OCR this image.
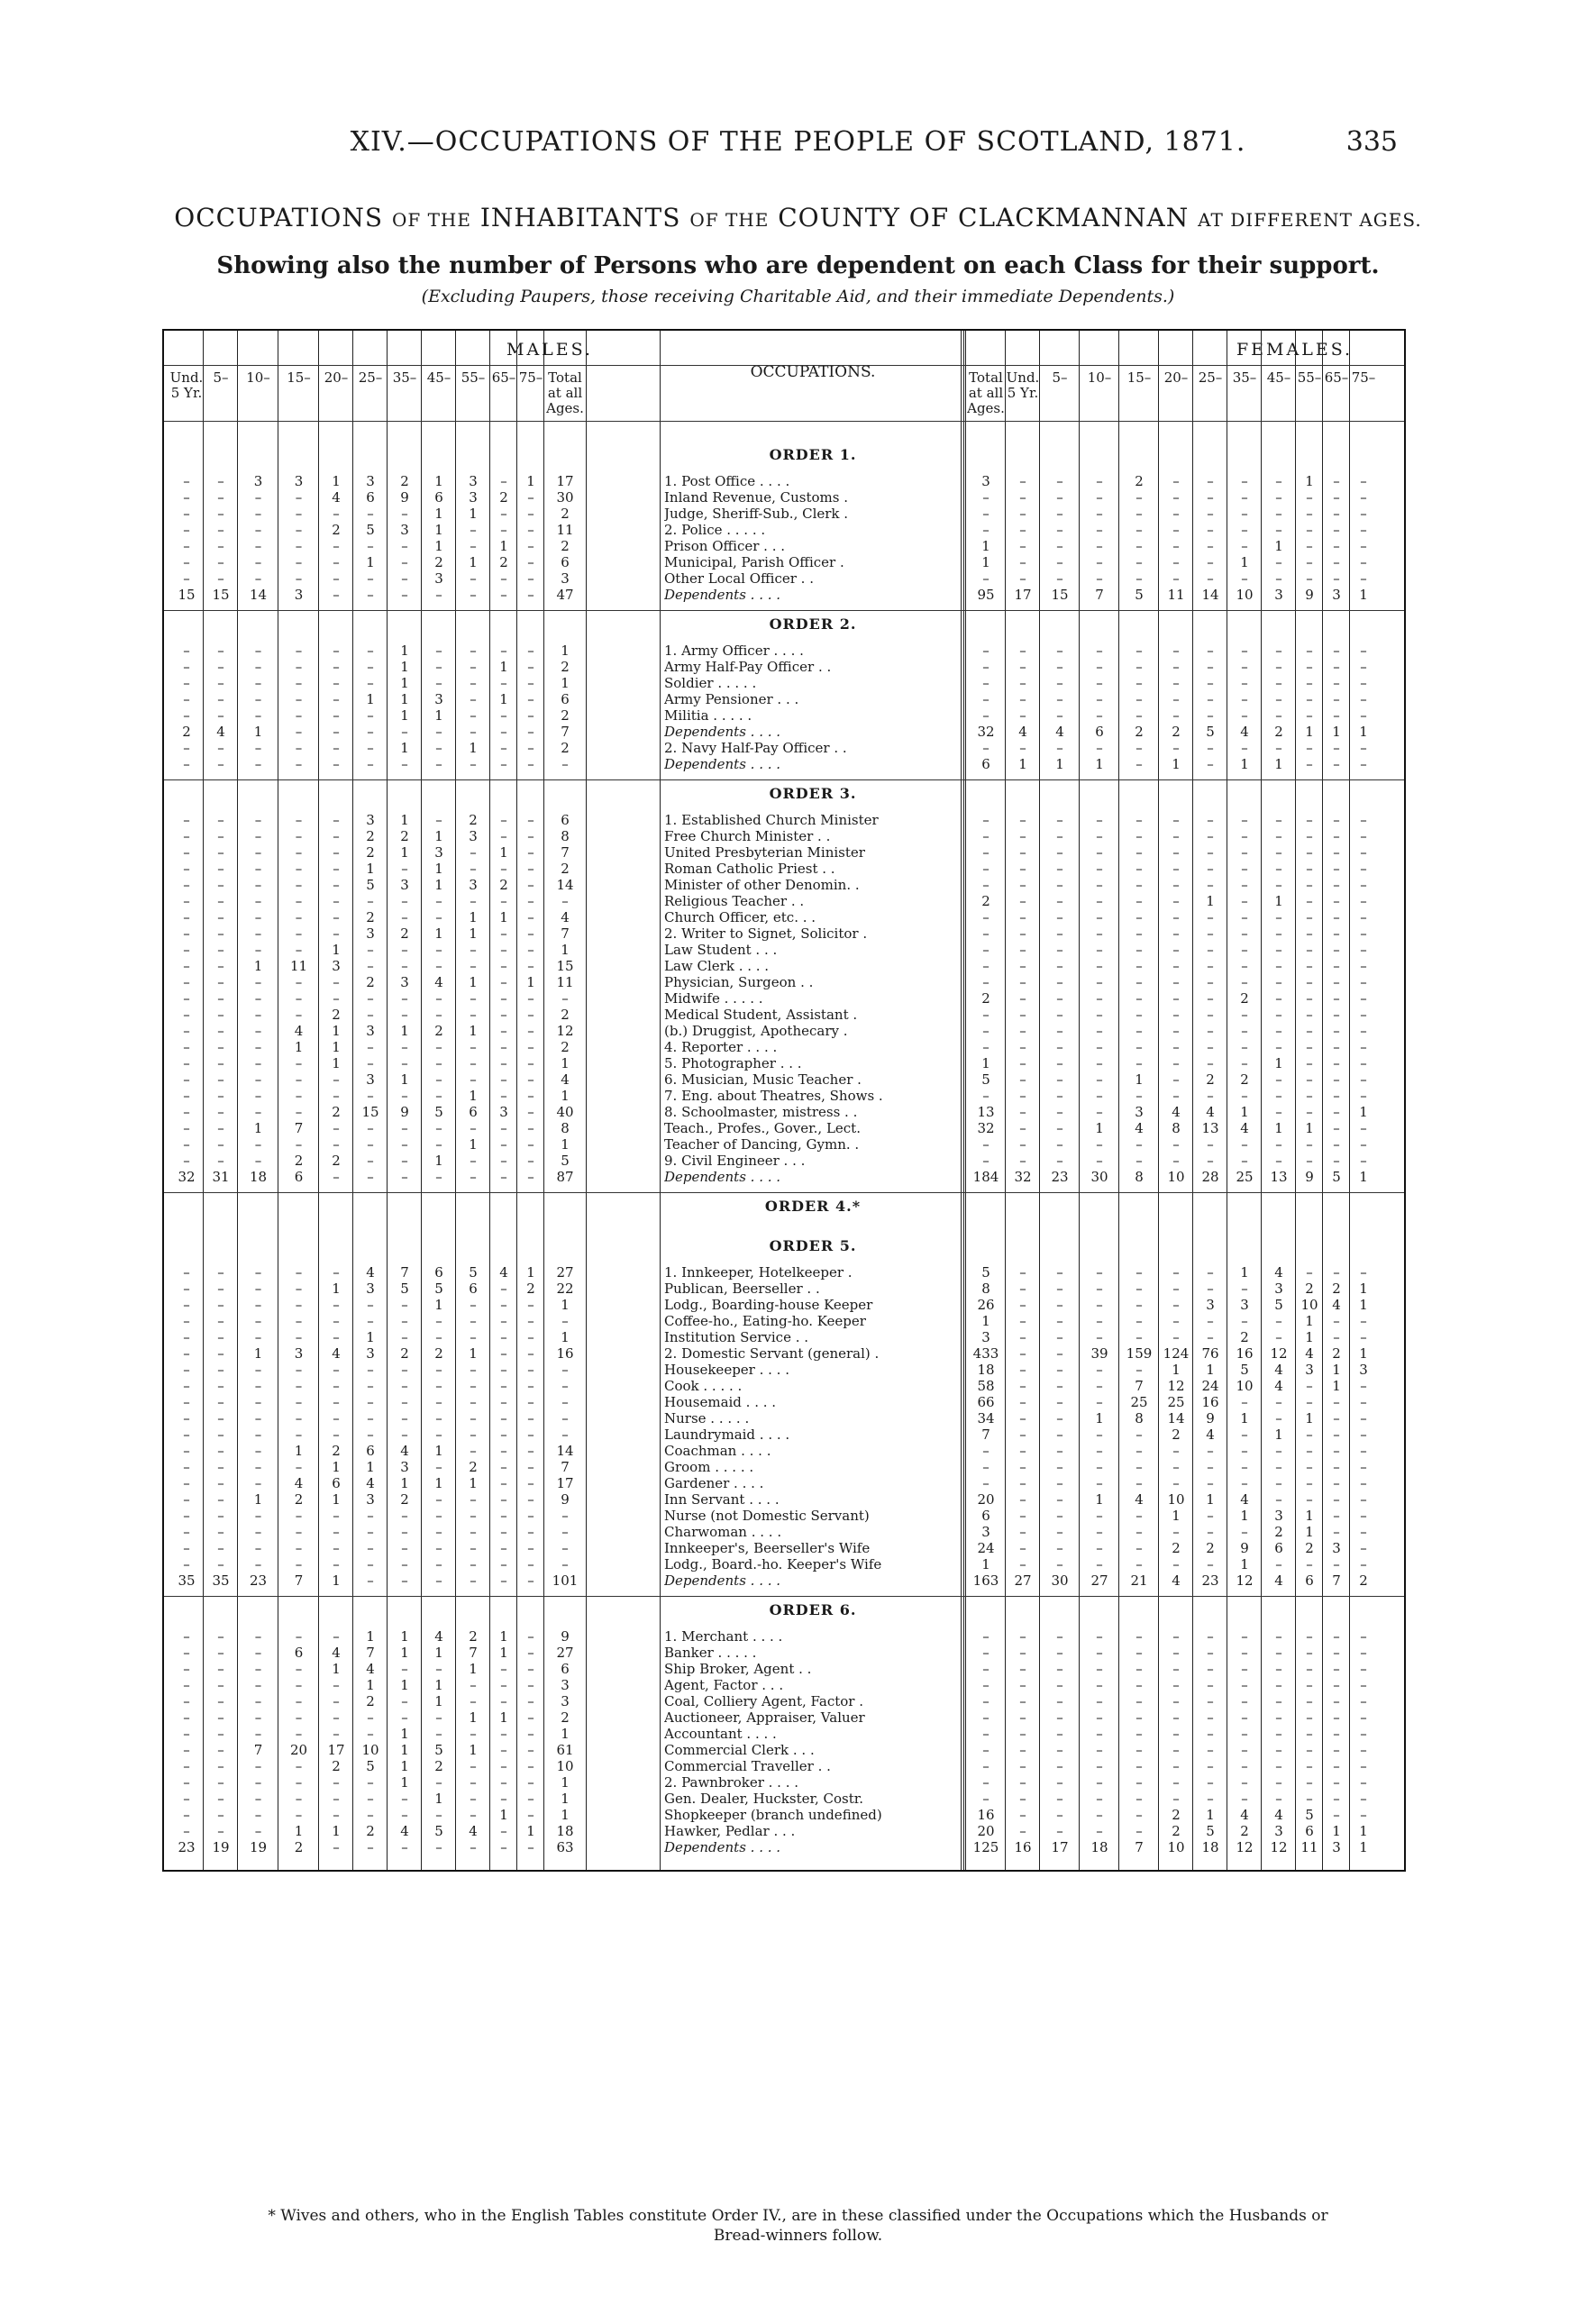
XIV.—OCCUPATIONS OF THE PEOPLE OF SCOTLAND, 1871.	335
OCCUPATIONS OF THE INHABITANTS OF THE COUNTY OF CLACKMANNAN AT DIFFERENT AGES.
Showing also the number of Persons who are dependent on each Class for their support.
(Excluding Paupers, those receiving Charitable Aid, and their immediate Dependents.)
MALES.	FEMALES.
OCCUPATIONS.
Und. 5 Yr.
5–	10–	15– 20– 25– 35– 45– 55– 65– 75– Total at all Ages.
Total at all Ages.
Und. 5 Yr.
5–	10–	15– 20– 25– 35– 45– 55– 65– 75–
ORDER 1.
–	–	3	3	1	3	2	1	3	–	1	17	1. Post Office . . . .	3	–	–	–	2	–	–	–	–	1	–	–
–	–	–	–	4	6	9	6	3	2	–	30	Inland Revenue, Customs .	–	–	–	–	–	–	–	–	–	–	–	–
–	–	–	–	–	–	–	1	1	–	–	2	Judge, Sheriff-Sub., Clerk .	–	–	–	–	–	–	–	–	–	–	–	–
–	–	–	–	2	5	3	1	–	–	–	11	2. Police . . . . .	–	–	–	–	–	–	–	–	–	–	–	–
–	–	–	–	–	–	–	1	–	1	–	2	Prison Officer . . .	1	–	–	–	–	–	–	–	1	–	–	–
–	–	–	–	–	1	–	2	1	2	–	6	Municipal, Parish Officer .	1	–	–	–	–	–	–	1	–	–	–	–
–	–	–	–	–	–	–	3	–	–	–	3	Other Local Officer . .	–	–	–	–	–	–	–	–	–	–	–	–
15	15	14	3	–	–	–	–	–	–	–	47	Dependents . . . .	95	17	15	7	5	11	14	10	3	9	3	1
ORDER 2.
–	–	–	–	–	–	1	–	–	–	–	1	1. Army Officer . . . .	–	–	–	–	–	–	–	–	–	–	–	–
–	–	–	–	–	–	1	–	–	1	–	2	Army Half-Pay Officer . .	–	–	–	–	–	–	–	–	–	–	–	–
–	–	–	–	–	–	1	–	–	–	–	1	Soldier . . . . .	–	–	–	–	–	–	–	–	–	–	–	–
–	–	–	–	–	1	1	3	–	1	–	6	Army Pensioner . . .	–	–	–	–	–	–	–	–	–	–	–	–
–	–	–	–	–	–	1	1	–	–	–	2	Militia . . . . .	–	–	–	–	–	–	–	–	–	–	–	–
2	4	1	–	–	–	–	–	–	–	–	7	Dependents . . . .	32	4	4	6	2	2	5	4	2	1	1	1
–	–	–	–	–	–	1	–	1	–	–	2	2. Navy Half-Pay Officer . .	–	–	–	–	–	–	–	–	–	–	–	–
–	–	–	–	–	–	–	–	–	–	–	–	Dependents . . . .	6	1	1	1	–	1	–	1	1	–	–	–
ORDER 3.
–	–	–	–	–	3	1	–	2	–	–	6	1. Established Church Minister	–	–	–	–	–	–	–	–	–	–	–	–
–	–	–	–	–	2	2	1	3	–	–	8	Free Church Minister . .	–	–	–	–	–	–	–	–	–	–	–	–
–	–	–	–	–	2	1	3	–	1	–	7	United Presbyterian Minister	–	–	–	–	–	–	–	–	–	–	–	–
–	–	–	–	–	1	–	1	–	–	–	2	Roman Catholic Priest . .	–	–	–	–	–	–	–	–	–	–	–	–
–	–	–	–	–	5	3	1	3	2	–	14	Minister of other Denomin. .	–	–	–	–	–	–	–	–	–	–	–	–
–	–	–	–	–	–	–	–	–	–	–	–	Religious Teacher . .	2	–	–	–	–	–	1	–	1	–	–	–
–	–	–	–	–	2	–	–	1	1	–	4	Church Officer, etc. . .	–	–	–	–	–	–	–	–	–	–	–	–
–	–	–	–	–	3	2	1	1	–	–	7	2. Writer to Signet, Solicitor .	–	–	–	–	–	–	–	–	–	–	–	–
–	–	–	–	1	–	–	–	–	–	–	1	Law Student . . .	–	–	–	–	–	–	–	–	–	–	–	–
–	–	1	11	3	–	–	–	–	–	–	15	Law Clerk . . . .	–	–	–	–	–	–	–	–	–	–	–	–
–	–	–	–	–	2	3	4	1	–	1	11	Physician, Surgeon . .	–	–	–	–	–	–	–	–	–	–	–	–
–	–	–	–	–	–	–	–	–	–	–	–	Midwife . . . . .	2	–	–	–	–	–	–	2	–	–	–	–
–	–	–	–	2	–	–	–	–	–	–	2	Medical Student, Assistant .	–	–	–	–	–	–	–	–	–	–	–	–
–	–	–	4	1	3	1	2	1	–	–	12	(b.) Druggist, Apothecary .	–	–	–	–	–	–	–	–	–	–	–	–
–	–	–	1	1	–	–	–	–	–	–	2	4. Reporter . . . .	–	–	–	–	–	–	–	–	–	–	–	–
–	–	–	–	1	–	–	–	–	–	–	1	5. Photographer . . .	1	–	–	–	–	–	–	–	1	–	–	–
–	–	–	–	–	3	1	–	–	–	–	4	6. Musician, Music Teacher .	5	–	–	–	1	–	2	2	–	–	–	–
–	–	–	–	–	–	–	–	1	–	–	1	7. Eng. about Theatres, Shows .	–	–	–	–	–	–	–	–	–	–	–	–
–	–	–	–	2	15	9	5	6	3	–	40	8. Schoolmaster, mistress . .	13	–	–	–	3	4	4	1	–	–	–	1
–	–	1	7	–	–	–	–	–	–	–	8	Teach., Profes., Gover., Lect.	32	–	–	1	4	8	13	4	1	1	–	–
–	–	–	–	–	–	–	–	1	–	–	1	Teacher of Dancing, Gymn. .	–	–	–	–	–	–	–	–	–	–	–	–
–	–	–	2	2	–	–	1	–	–	–	5	9. Civil Engineer . . .	–	–	–	–	–	–	–	–	–	–	–	–
32	31	18	6	–	–	–	–	–	–	–	87	Dependents . . . .	184	32	23	30	8	10	28	25	13	9	5	1
ORDER 4.*
ORDER 5.
–	–	–	–	–	4	7	6	5	4	1	27	1. Innkeeper, Hotelkeeper .	5	–	–	–	–	–	–	1	4	–	–	–
–	–	–	–	1	3	5	5	6	–	2	22	Publican, Beerseller . .	8	–	–	–	–	–	–	–	3	2	2	1
–	–	–	–	–	–	–	1	–	–	–	1	Lodg., Boarding-house Keeper	26	–	–	–	–	–	3	3	5	10	4	1
–	–	–	–	–	–	–	–	–	–	–	–	Coffee-ho., Eating-ho. Keeper	1	–	–	–	–	–	–	–	–	1	–	–
–	–	–	–	–	1	–	–	–	–	–	1	Institution Service . .	3	–	–	–	–	–	–	2	–	1	–	–
–	–	1	3	4	3	2	2	1	–	–	16	2. Domestic Servant (general) .	433	–	–	39	159 124 76	16	12	4	2	1
–	–	–	–	–	–	–	–	–	–	–	–	Housekeeper . . . .	18	–	–	–	–	1	1	5	4	3	1	3
–	–	–	–	–	–	–	–	–	–	–	–	Cook . . . . .	58	–	–	–	7	12	24	10	4	–	1	–
–	–	–	–	–	–	–	–	–	–	–	–	Housemaid . . . .	66	–	–	–	25	25	16	–	–	–	–	–
–	–	–	–	–	–	–	–	–	–	–	–	Nurse . . . . .	34	–	–	1	8	14	9	1	–	1	–	–
–	–	–	–	–	–	–	–	–	–	–	–	Laundrymaid . . . .	7	–	–	–	–	2	4	–	1	–	–	–
–	–	–	1	2	6	4	1	–	–	–	14	Coachman . . . .	–	–	–	–	–	–	–	–	–	–	–	–
–	–	–	–	1	1	3	–	2	–	–	7	Groom . . . . .	–	–	–	–	–	–	–	–	–	–	–	–
–	–	–	4	6	4	1	1	1	–	–	17	Gardener . . . .	–	–	–	–	–	–	–	–	–	–	–	–
–	–	1	2	1	3	2	–	–	–	–	9	Inn Servant . . . .	20	–	–	1	4	10	1	4	–	–	–	–
–	–	–	–	–	–	–	–	–	–	–	–	Nurse (not Domestic Servant)	6	–	–	–	–	1	–	1	3	1	–	–
–	–	–	–	–	–	–	–	–	–	–	–	Charwoman . . . .	3	–	–	–	–	–	–	–	2	1	–	–
–	–	–	–	–	–	–	–	–	–	–	–	Innkeeper's, Beerseller's Wife	24	–	–	–	–	2	2	9	6	2	3	–
–	–	–	–	–	–	–	–	–	–	–	–	Lodg., Board.-ho. Keeper's Wife	1	–	–	–	–	–	–	1	–	–	–	–
35	35	23	7	1	–	–	–	–	–	–	101	Dependents . . . .	163	27	30	27	21	4	23	12	4	6	7	2
ORDER 6.
–	–	–	–	–	1	1	4	2	1	–	9	1. Merchant . . . .	–	–	–	–	–	–	–	–	–	–	–	–
–	–	–	6	4	7	1	1	7	1	–	27	Banker . . . . .	–	–	–	–	–	–	–	–	–	–	–	–
–	–	–	–	1	4	–	–	1	–	–	6	Ship Broker, Agent . .	–	–	–	–	–	–	–	–	–	–	–	–
–	–	–	–	–	1	1	1	–	–	–	3	Agent, Factor . . .	–	–	–	–	–	–	–	–	–	–	–	–
–	–	–	–	–	2	–	1	–	–	–	3	Coal, Colliery Agent, Factor .	–	–	–	–	–	–	–	–	–	–	–	–
–	–	–	–	–	–	–	–	1	1	–	2	Auctioneer, Appraiser, Valuer	–	–	–	–	–	–	–	–	–	–	–	–
–	–	–	–	–	–	1	–	–	–	–	1	Accountant . . . .	–	–	–	–	–	–	–	–	–	–	–	–
–	–	7	20	17	10	1	5	1	–	–	61	Commercial Clerk . . .	–	–	–	–	–	–	–	–	–	–	–	–
–	–	–	–	2	5	1	2	–	–	–	10	Commercial Traveller . .	–	–	–	–	–	–	–	–	–	–	–	–
–	–	–	–	–	–	1	–	–	–	–	1	2. Pawnbroker . . . .	–	–	–	–	–	–	–	–	–	–	–	–
–	–	–	–	–	–	–	1	–	–	–	1	Gen. Dealer, Huckster, Costr.	–	–	–	–	–	–	–	–	–	–	–	–
–	–	–	–	–	–	–	–	–	1	–	1	Shopkeeper (branch undefined)	16	–	–	–	–	2	1	4	4	5	–	–
–	–	–	1	1	2	4	5	4	–	1	18	Hawker, Pedlar . . .	20	–	–	–	–	2	5	2	3	6	1	1
23	19	19	2	–	–	–	–	–	–	–	63	Dependents . . . .	125	16	17	18	7	10	18	12	12 11	3	1
* Wives and others, who in the English Tables constitute Order IV., are in these classified under the Occupations which the Husbands or
Bread-winners follow.
